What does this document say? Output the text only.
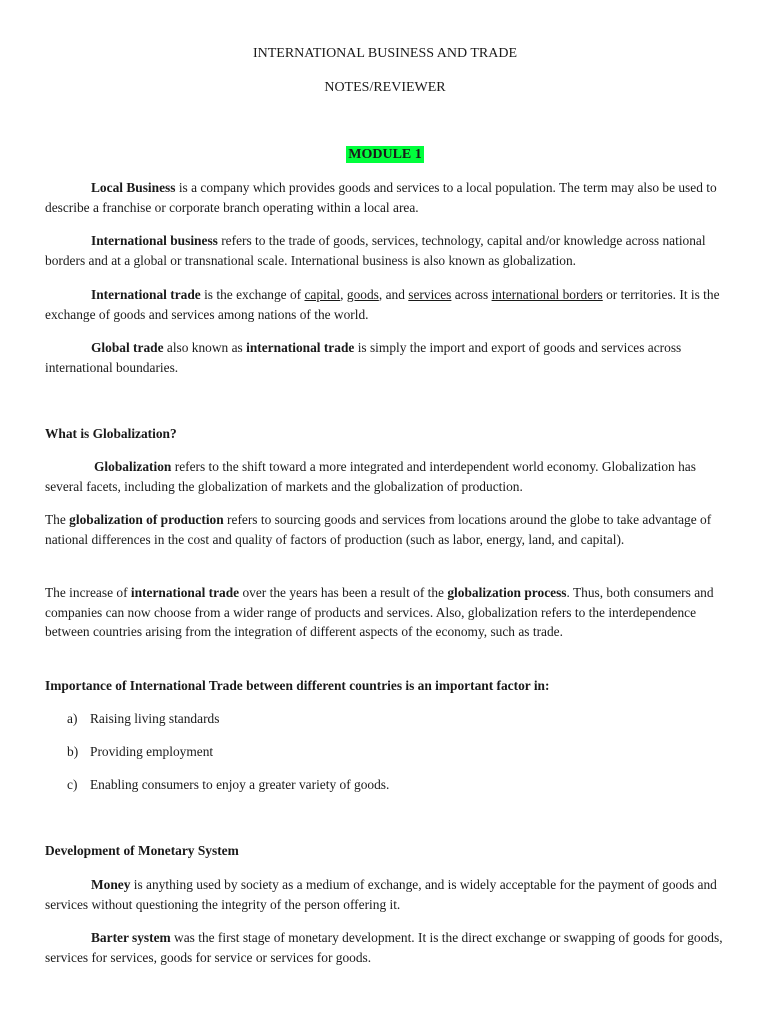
INTERNATIONAL BUSINESS AND TRADE
NOTES/REVIEWER
MODULE 1
Local Business is a company which provides goods and services to a local population. The term may also be used to describe a franchise or corporate branch operating within a local area.
International business refers to the trade of goods, services, technology, capital and/or knowledge across national borders and at a global or transnational scale. International business is also known as globalization.
International trade is the exchange of capital, goods, and services across international borders or territories. It is the exchange of goods and services among nations of the world.
Global trade also known as international trade is simply the import and export of goods and services across international boundaries.
What is Globalization?
Globalization refers to the shift toward a more integrated and interdependent world economy. Globalization has several facets, including the globalization of markets and the globalization of production.
The globalization of production refers to sourcing goods and services from locations around the globe to take advantage of national differences in the cost and quality of factors of production (such as labor, energy, land, and capital).
The increase of international trade over the years has been a result of the globalization process. Thus, both consumers and companies can now choose from a wider range of products and services. Also, globalization refers to the interdependence between countries arising from the integration of different aspects of the economy, such as trade.
Importance of International Trade between different countries is an important factor in:
a) Raising living standards
b) Providing employment
c) Enabling consumers to enjoy a greater variety of goods.
Development of Monetary System
Money is anything used by society as a medium of exchange, and is widely acceptable for the payment of goods and services without questioning the integrity of the person offering it.
Barter system was the first stage of monetary development. It is the direct exchange or swapping of goods for goods, services for services, goods for service or services for goods.
